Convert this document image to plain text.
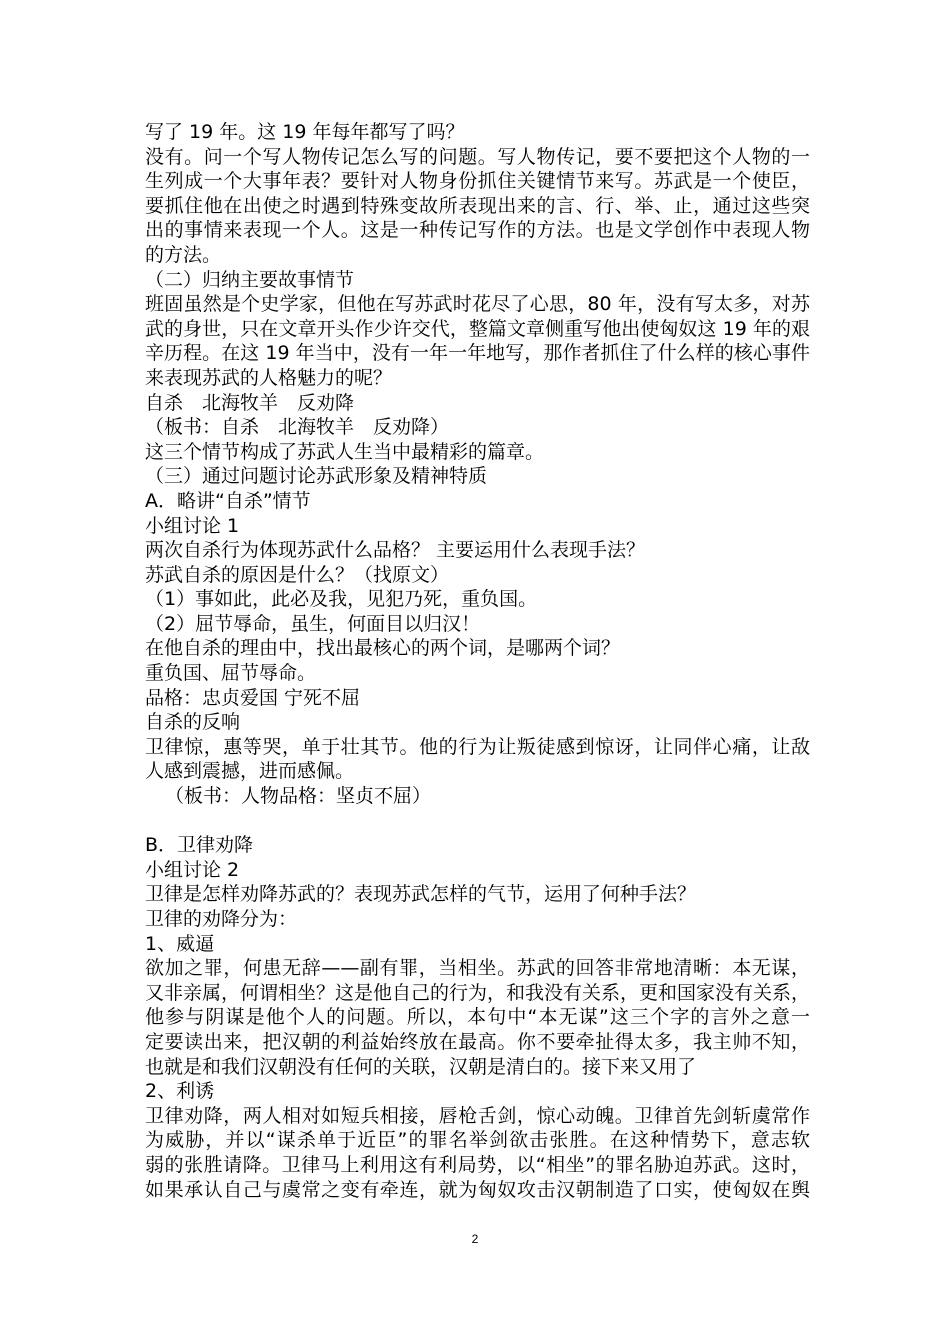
写了 19 年。这 19 年每年都写了吗？
没有。问一个写人物传记怎么写的问题。写人物传记，要不要把这个人物的一
生列成一个大事年表？要针对人物身份抓住关键情节来写。苏武是一个使臣，
要抓住他在出使之时遇到特殊变故所表现出来的言、行、举、止，通过这些突
出的事情来表现一个人。这是一种传记写作的方法。也是文学创作中表现人物
的方法。
（二）归纳主要故事情节
班固虽然是个史学家，但他在写苏武时花尽了心思，80 年，没有写太多，对苏
武的身世，只在文章开头作少许交代，整篇文章侧重写他出使匈奴这 19 年的艰
辛历程。在这 19 年当中，没有一年一年地写，那作者抓住了什么样的核心事件
来表现苏武的人格魅力的呢？
自杀　北海牧羊　反劝降
（板书：自杀　北海牧羊　反劝降）
这三个情节构成了苏武人生当中最精彩的篇章。
（三）通过问题讨论苏武形象及精神特质
A．略讲“自杀”情节
小组讨论 1
两次自杀行为体现苏武什么品格？ 主要运用什么表现手法？
苏武自杀的原因是什么？（找原文）
（1）事如此，此必及我，见犯乃死，重负国。
（2）屈节辱命，虽生，何面目以归汉！
在他自杀的理由中，找出最核心的两个词，是哪两个词？
重负国、屈节辱命。
品格：忠贞爱国 宁死不屈
自杀的反响
卫律惊，惠等哭，单于壮其节。他的行为让叛徒感到惊讶，让同伴心痛，让敌
人感到震撼，进而感佩。
（板书：人物品格：坚贞不屈）
B．卫律劝降
小组讨论 2
卫律是怎样劝降苏武的？表现苏武怎样的气节，运用了何种手法？
卫律的劝降分为：
1、威逼
欲加之罪，何患无辞——副有罪，当相坐。苏武的回答非常地清晰：本无谋，
又非亲属，何谓相坐？这是他自己的行为，和我没有关系，更和国家没有关系，
他参与阴谋是他个人的问题。所以，本句中“本无谋”这三个字的言外之意一
定要读出来，把汉朝的利益始终放在最高。你不要牵扯得太多，我主帅不知，
也就是和我们汉朝没有任何的关联，汉朝是清白的。接下来又用了
2、利诱
卫律劝降，两人相对如短兵相接，唇枪舌剑，惊心动魄。卫律首先剑斩虞常作
为威胁，并以“谋杀单于近臣”的罪名举剑欲击张胜。在这种情势下，意志软
弱的张胜请降。卫律马上利用这有利局势，以“相坐”的罪名胁迫苏武。这时，
如果承认自己与虞常之变有牵连，就为匈奴攻击汉朝制造了口实，使匈奴在舆
2
